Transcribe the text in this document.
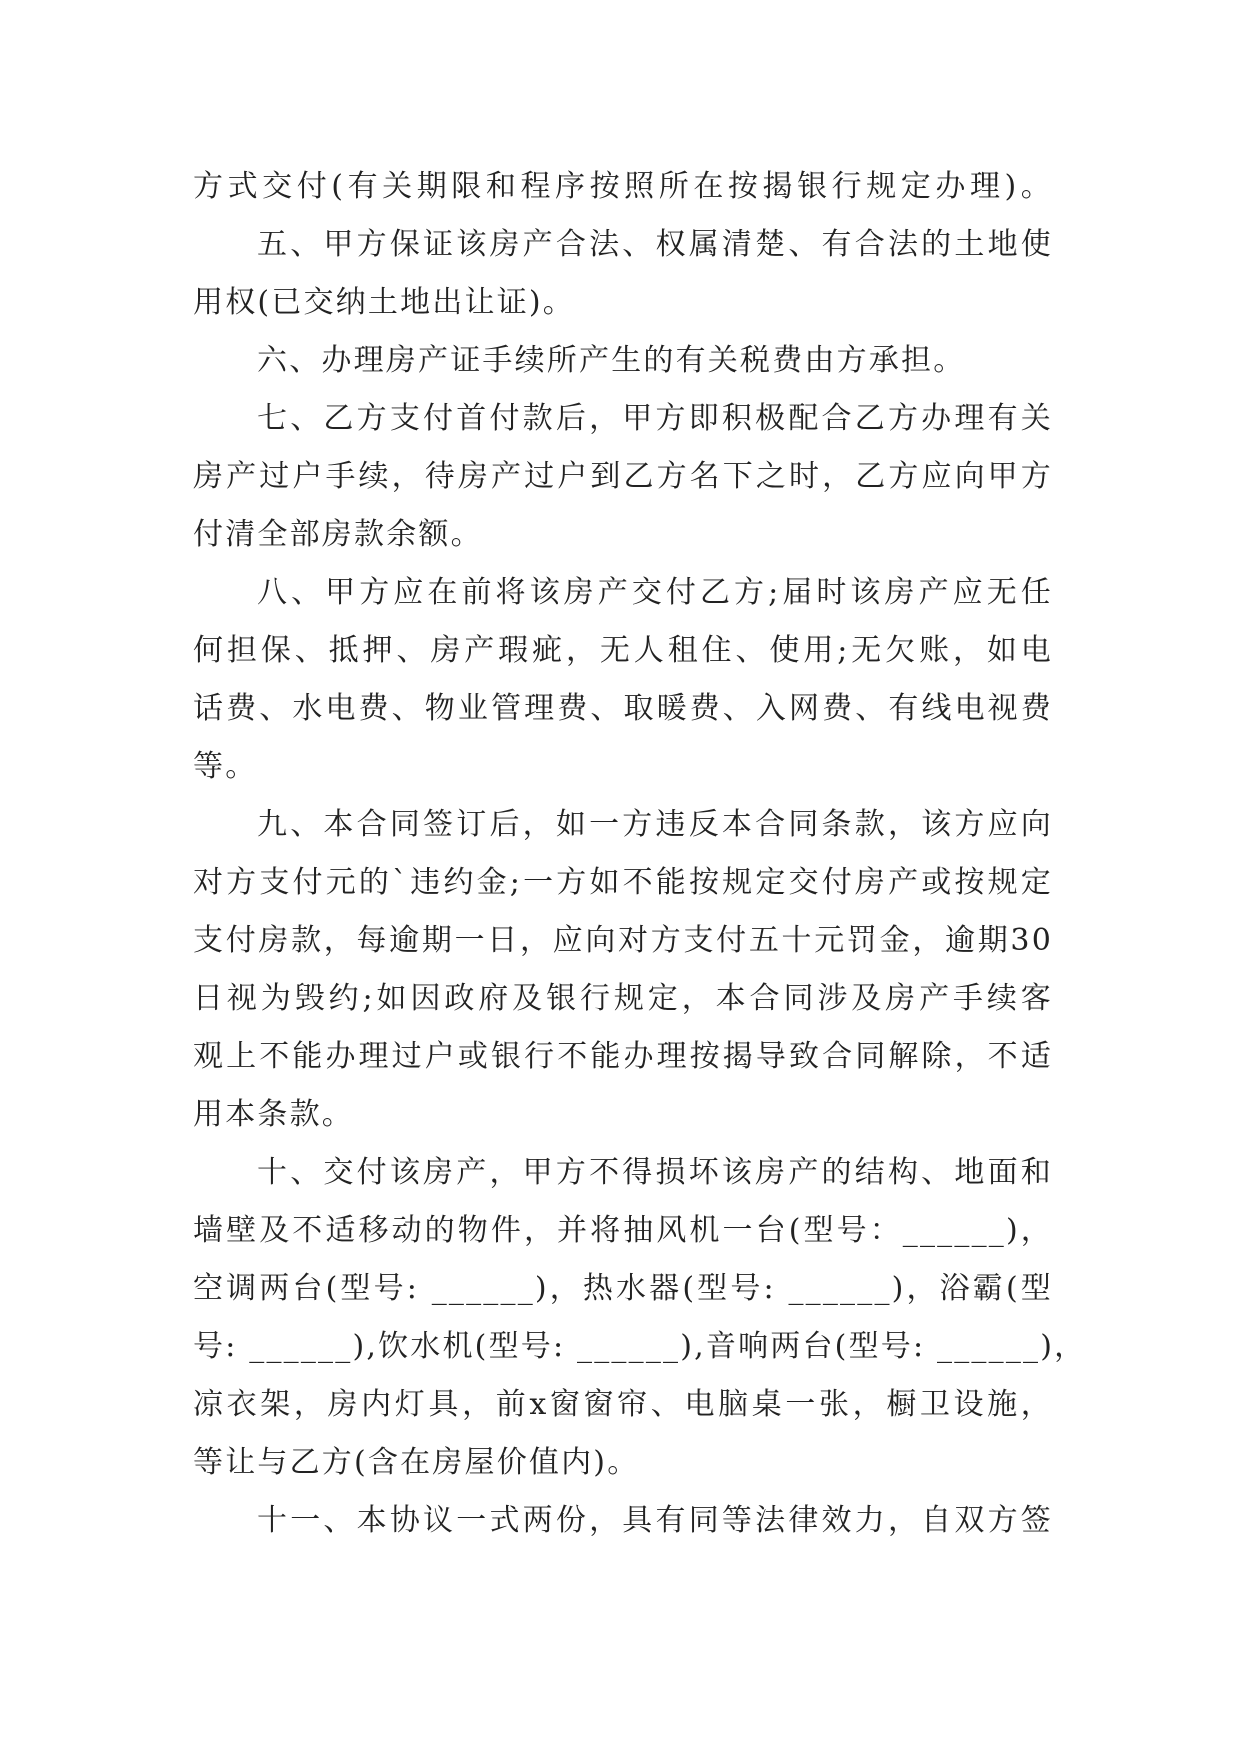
方式交付(有关期限和程序按照所在按揭银行规定办理)。
五、甲方保证该房产合法、权属清楚、有合法的土地使
用权(已交纳土地出让证)。
六、办理房产证手续所产生的有关税费由方承担。
七、乙方支付首付款后，甲方即积极配合乙方办理有关
房产过户手续，待房产过户到乙方名下之时，乙方应向甲方
付清全部房款余额。
八、甲方应在前将该房产交付乙方;届时该房产应无任
何担保、抵押、房产瑕疵，无人租住、使用;无欠账，如电
话费、水电费、物业管理费、取暖费、入网费、有线电视费
等。
九、本合同签订后，如一方违反本合同条款，该方应向
对方支付元的`违约金;一方如不能按规定交付房产或按规定
支付房款，每逾期一日，应向对方支付五十元罚金，逾期30
日视为毁约;如因政府及银行规定，本合同涉及房产手续客
观上不能办理过户或银行不能办理按揭导致合同解除，不适
用本条款。
十、交付该房产，甲方不得损坏该房产的结构、地面和
墙壁及不适移动的物件，并将抽风机一台(型号：______)，
空调两台(型号: ______)，热水器(型号: ______)，浴霸(型
号: ______),饮水机(型号: ______),音响两台(型号: ______)，
凉衣架，房内灯具，前x窗窗帘、电脑桌一张，橱卫设施，
等让与乙方(含在房屋价值内)。
十一、本协议一式两份，具有同等法律效力，自双方签
